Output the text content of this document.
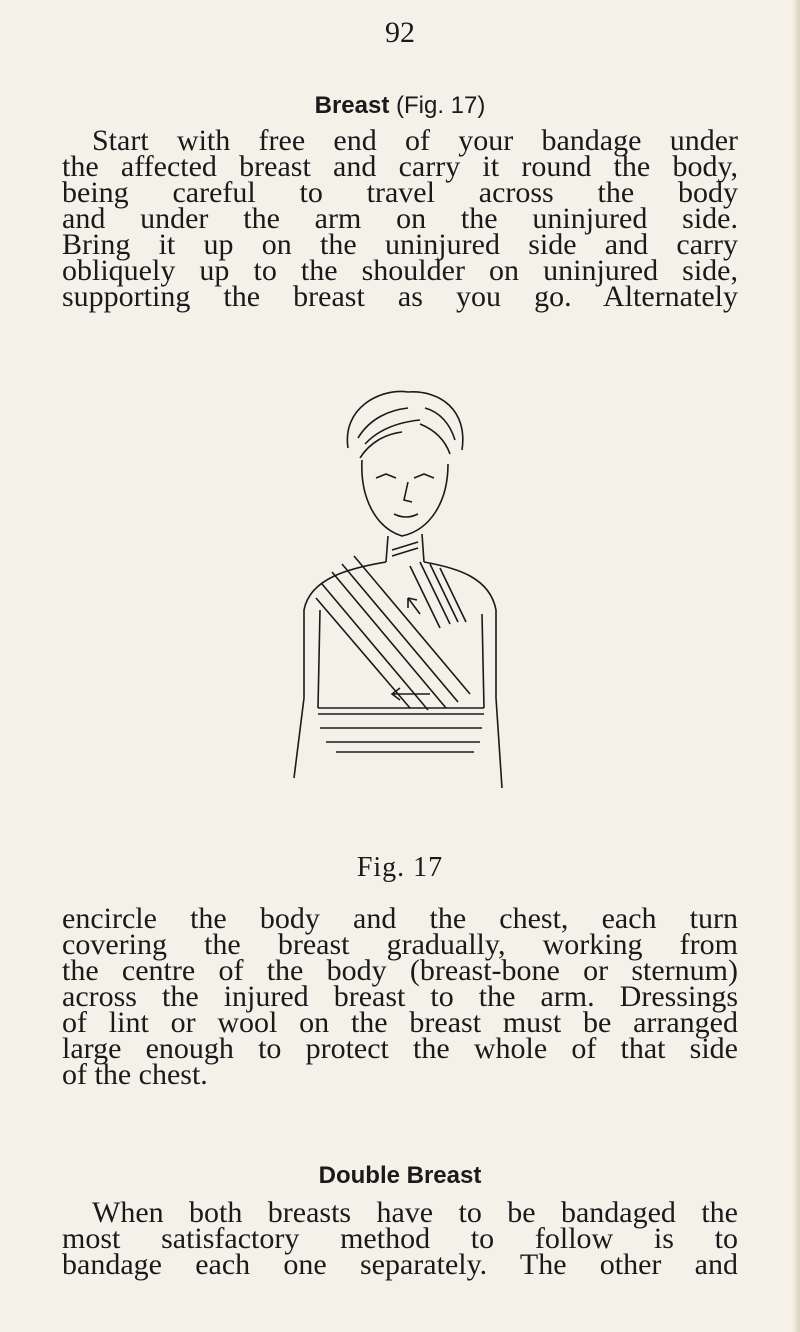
92
Breast (Fig. 17)
Start with free end of your bandage under
the affected breast and carry it round the body,
being careful to travel across the body
and under the arm on the uninjured side.
Bring it up on the uninjured side and carry
obliquely up to the shoulder on uninjured side,
supporting the breast as you go. Alternately
Fig. 17
encircle the body and the chest, each turn
covering the breast gradually, working from
the centre of the body (breast-bone or sternum)
across the injured breast to the arm. Dressings
of lint or wool on the breast must be arranged
large enough to protect the whole of that side
of the chest.
Double Breast
When both breasts have to be bandaged the
most satisfactory method to follow is to
bandage each one separately. The other and
